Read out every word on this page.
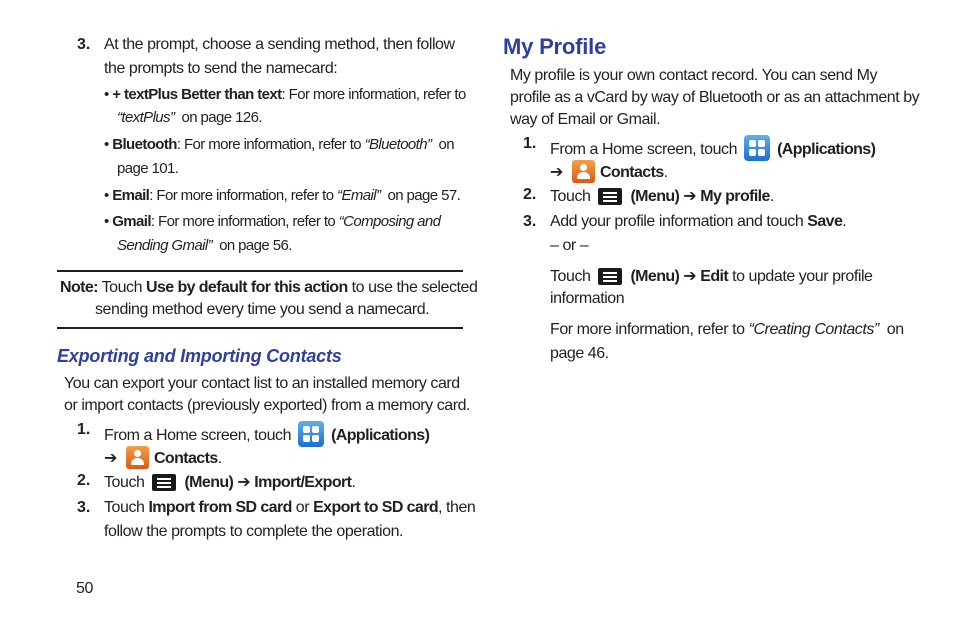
3. At the prompt, choose a sending method, then follow
the prompts to send the namecard:
• + textPlus Better than text: For more information, refer to
“textPlus” on page 126.
• Bluetooth: For more information, refer to “Bluetooth” on
page 101.
• Email: For more information, refer to “Email” on page 57.
• Gmail: For more information, refer to “Composing and
Sending Gmail” on page 56.
Note: Touch Use by default for this action to use the selected
sending method every time you send a namecard.
Exporting and Importing Contacts
You can export your contact list to an installed memory card
or import contacts (previously exported) from a memory card.
1. From a Home screen, touch	(Applications)
➔ Contacts.
2. Touch	(Menu) ➔ Import/Export.
3. Touch Import from SD card or Export to SD card, then
follow the prompts to complete the operation.
50
My Profile
My profile is your own contact record. You can send My
profile as a vCard by way of Bluetooth or as an attachment by
way of Email or Gmail.
1. From a Home screen, touch	(Applications)
➔ Contacts.
2. Touch	(Menu) ➔ My profile.
3. Add your profile information and touch Save.
– or –
Touch	(Menu) ➔ Edit to update your profile
information
For more information, refer to “Creating Contacts” on
page 46.
